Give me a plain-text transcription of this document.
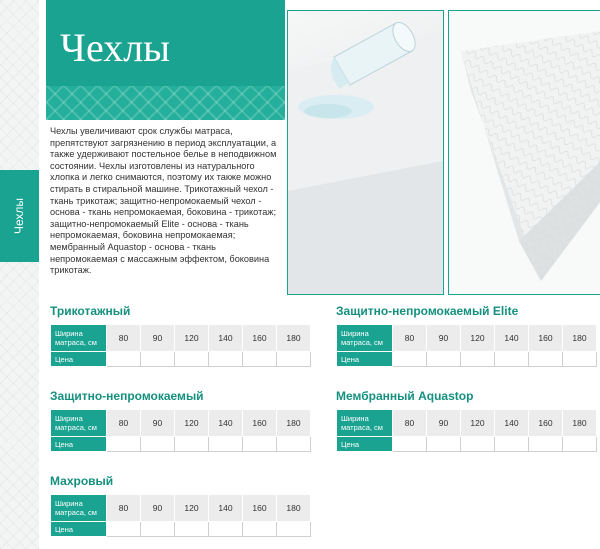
Чехлы
Чехлы
Чехлы увеличивают срок службы матраса, препятствуют загрязнению в период эксплуатации, а также удерживают постельное белье в неподвижном состоянии. Чехлы изготовлены из натурального хлопка и легко снимаются, поэтому их также можно стирать в стиральной машине. Трикотажный чехол - ткань трикотаж; защитно-непромокаемый чехол - основа - ткань непромокаемая, боковина - трикотаж; защитно-непромокаемый Elite - основа - ткань непромокаемая, боковина непромокаемая; мембранный Aquastop - основа - ткань непромокаемая с массажным эффектом, боковина трикотаж.
Трикотажный
Ширина матраса, см	80	90	120	140	160	180
Цена						
Защитно-непромокаемый
Ширина матраса, см	80	90	120	140	160	180
Цена						
Махровый
Ширина матраса, см	80	90	120	140	160	180
Цена						
Защитно-непромокаемый Elite
Ширина матраса, см	80	90	120	140	160	180
Цена						
Мембранный Aquastop
Ширина матраса, см	80	90	120	140	160	180
Цена						
